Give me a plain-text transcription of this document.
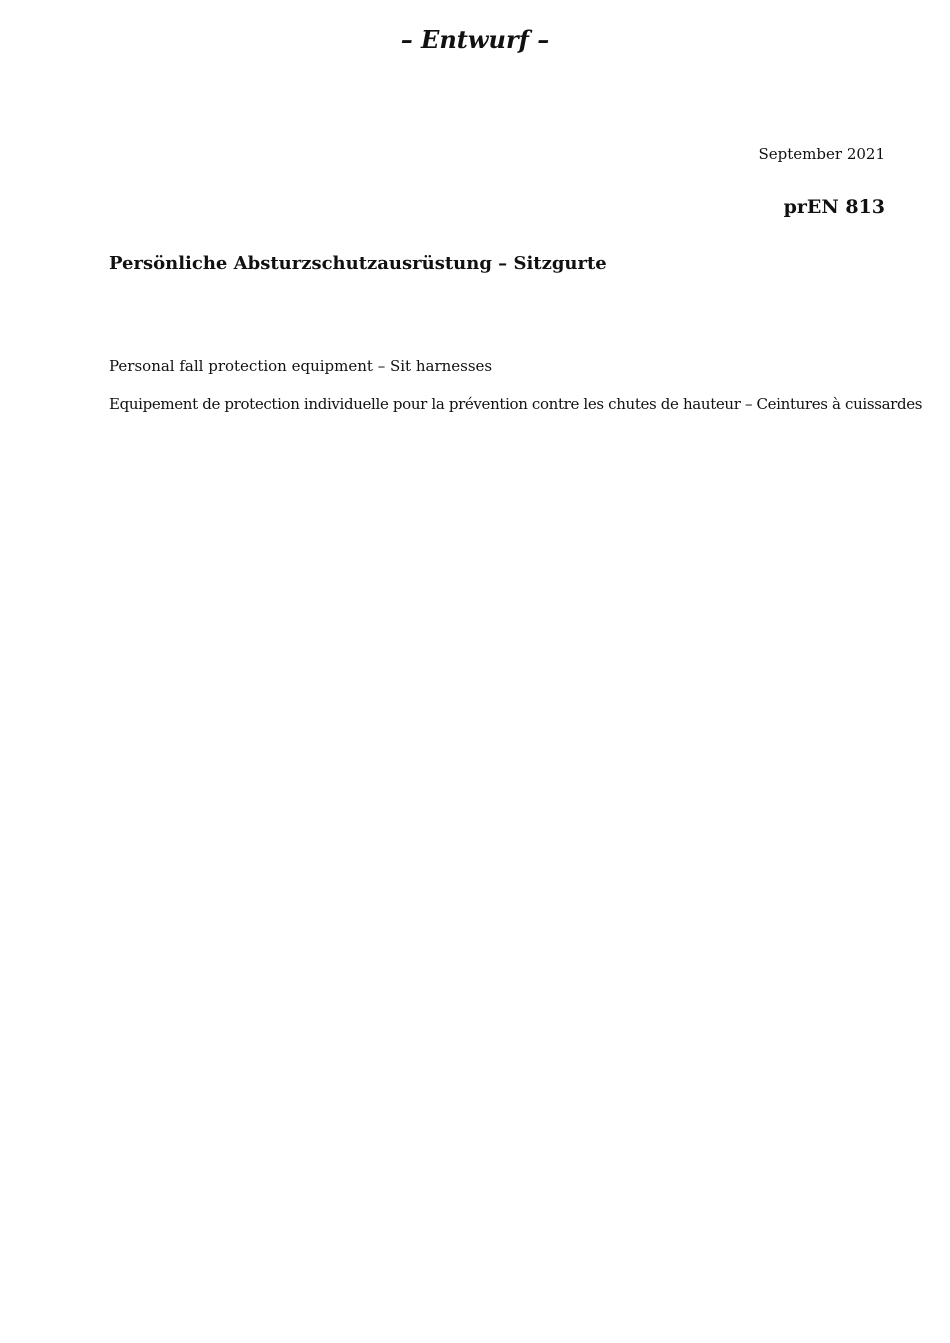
– Entwurf –
September 2021
prEN 813
Persönliche Absturzschutzausrüstung – Sitzgurte
Personal fall protection equipment – Sit harnesses
Equipement de protection individuelle pour la prévention contre les chutes de hauteur – Ceintures à cuissardes
